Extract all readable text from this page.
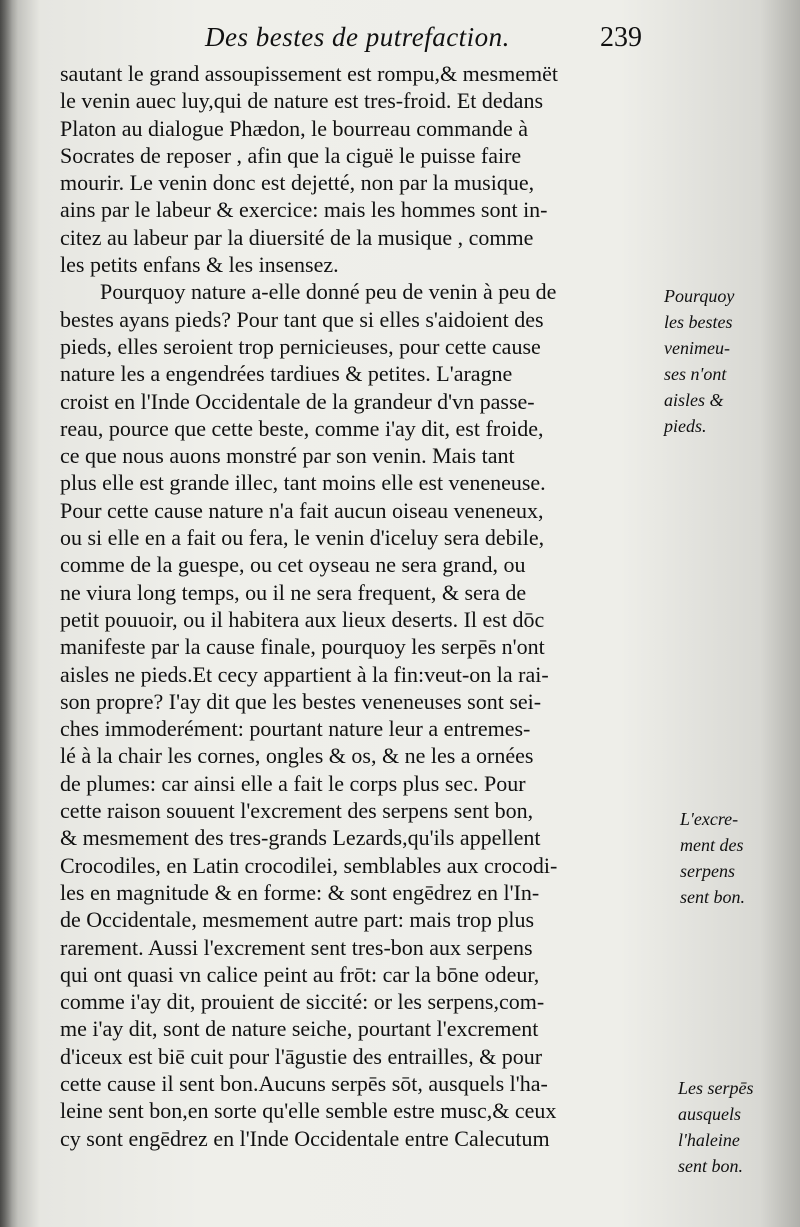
Des bestes de putrefaction.	239
sautant le grand assoupissement est rompu,& mesmemët
le venin auec luy,qui de nature est tres-froid. Et dedans
Platon au dialogue Phædon, le bourreau commande à
Socrates de reposer , afin que la ciguë le puisse faire
mourir. Le venin donc est dejetté, non par la musique,
ains par le labeur & exercice: mais les hommes sont in-
citez au labeur par la diuersité de la musique , comme
les petits enfans & les insensez.
Pourquoy nature a-elle donné peu de venin à peu de
bestes ayans pieds? Pour tant que si elles s'aidoient des
pieds, elles seroient trop pernicieuses, pour cette cause
nature les a engendrées tardiues & petites. L'aragne
croist en l'Inde Occidentale de la grandeur d'vn passe-
reau, pource que cette beste, comme i'ay dit, est froide,
ce que nous auons monstré par son venin. Mais tant
plus elle est grande illec, tant moins elle est veneneuse.
Pour cette cause nature n'a fait aucun oiseau veneneux,
ou si elle en a fait ou fera, le venin d'iceluy sera debile,
comme de la guespe, ou cet oyseau ne sera grand, ou
ne viura long temps, ou il ne sera frequent, & sera de
petit pouuoir, ou il habitera aux lieux deserts. Il est dōc
manifeste par la cause finale, pourquoy les serpēs n'ont
aisles ne pieds.Et cecy appartient à la fin:veut-on la rai-
son propre? I'ay dit que les bestes veneneuses sont sei-
ches immoderément: pourtant nature leur a entremes-
lé à la chair les cornes, ongles & os, & ne les a ornées
de plumes: car ainsi elle a fait le corps plus sec. Pour
cette raison souuent l'excrement des serpens sent bon,
& mesmement des tres-grands Lezards,qu'ils appellent
Crocodiles, en Latin crocodilei, semblables aux crocodi-
les en magnitude & en forme: & sont engēdrez en l'In-
de Occidentale, mesmement autre part: mais trop plus
rarement. Aussi l'excrement sent tres-bon aux serpens
qui ont quasi vn calice peint au frōt: car la bōne odeur,
comme i'ay dit, prouient de siccité: or les serpens,com-
me i'ay dit, sont de nature seiche, pourtant l'excrement
d'iceux est biē cuit pour l'āgustie des entrailles, & pour
cette cause il sent bon.Aucuns serpēs sōt, ausquels l'ha-
leine sent bon,en sorte qu'elle semble estre musc,& ceux
cy sont engēdrez en l'Inde Occidentale entre Calecutum
Pourquoy
les bestes
venimeu-
ses n'ont
aisles &
pieds.
L'excre-
ment des
serpens
sent bon.
Les serpēs
ausquels
l'haleine
sent bon.
